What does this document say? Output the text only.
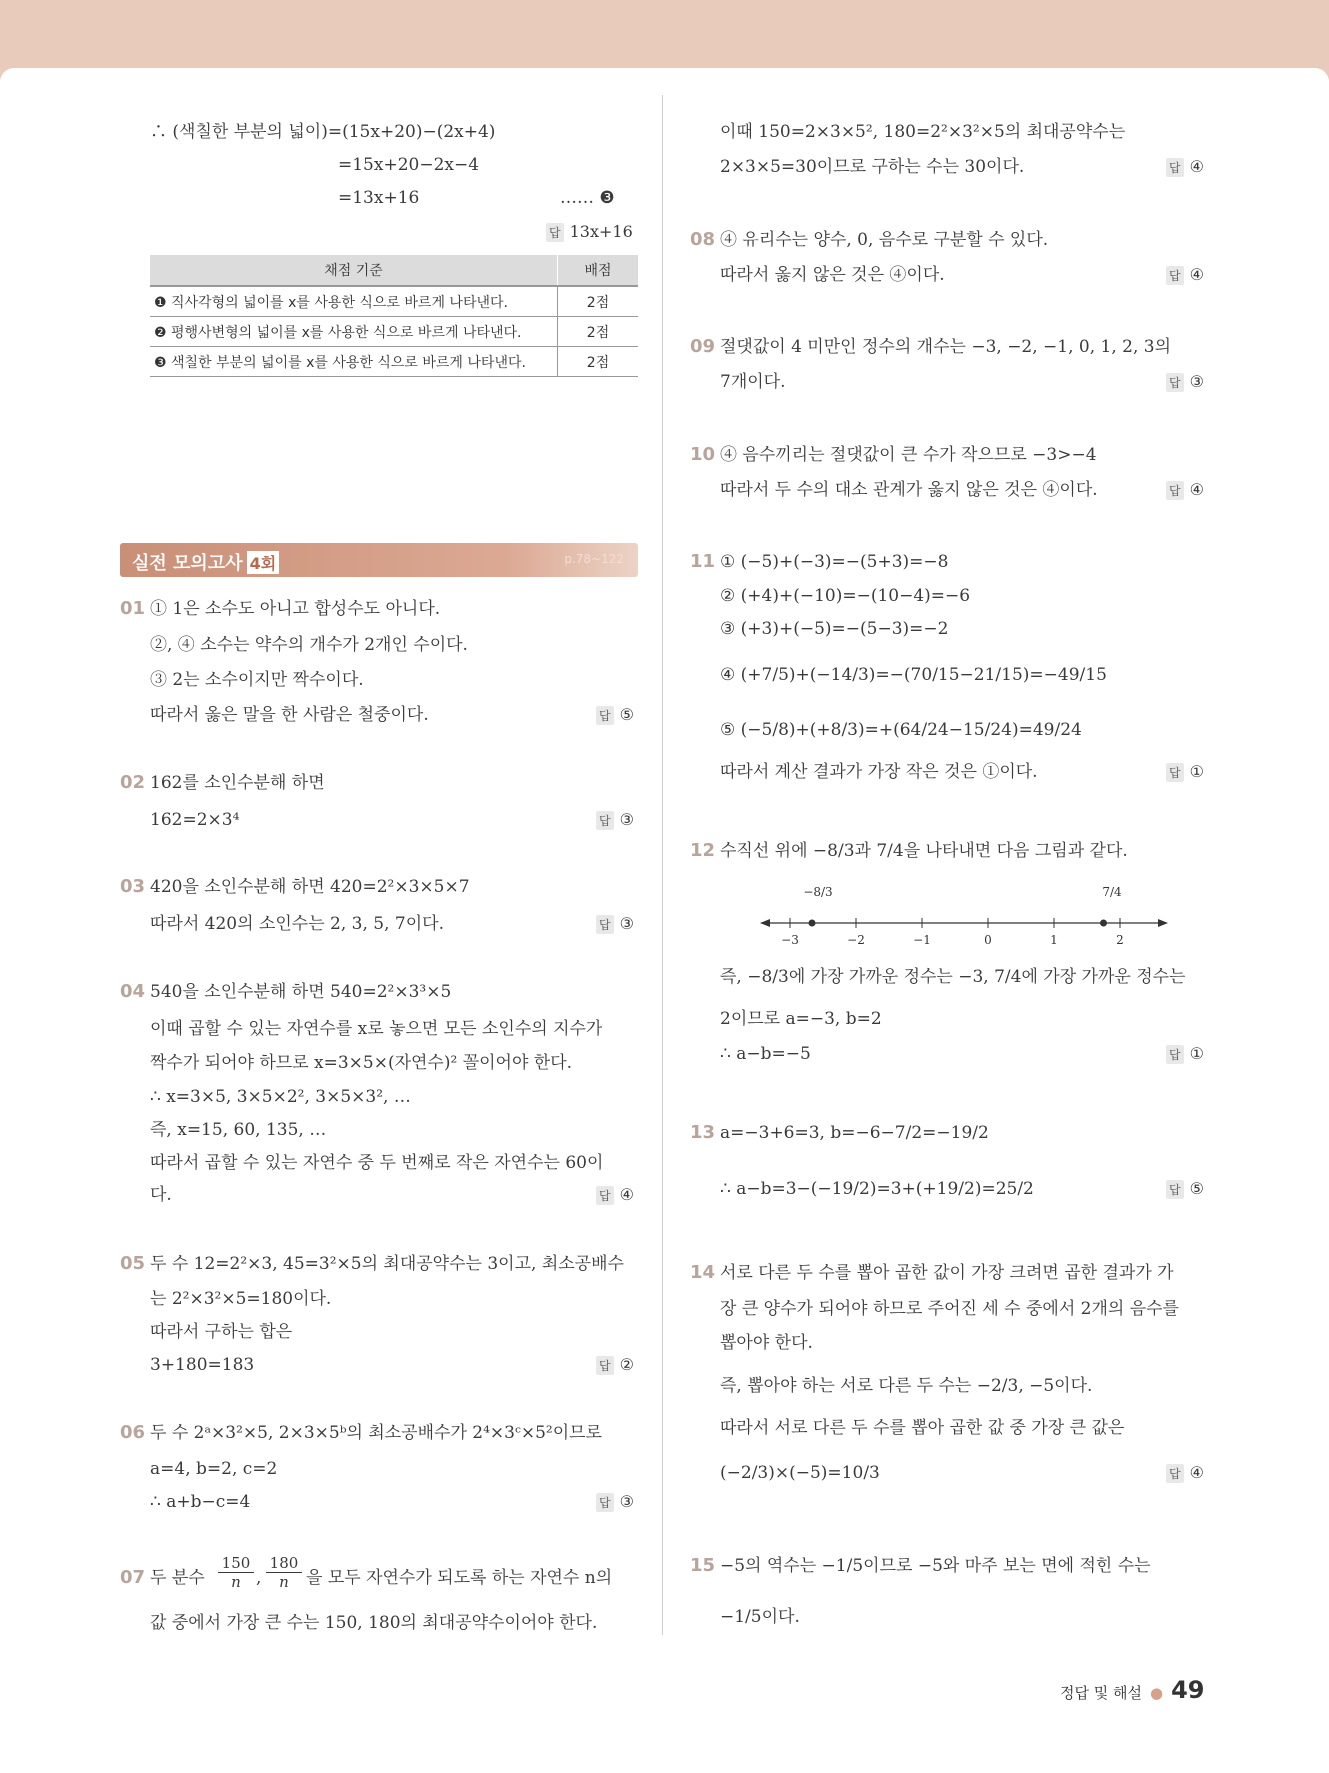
∴ (색칠한 부분의 넓이)=(15x+20)−(2x+4)
=15x+20−2x−4
=13x+16	…… ❸
답 13x+16
채점 기준	배점
❶ 직사각형의 넓이를 x를 사용한 식으로 바르게 나타낸다.	2점
❷ 평행사변형의 넓이를 x를 사용한 식으로 바르게 나타낸다.	2점
❸ 색칠한 부분의 넓이를 x를 사용한 식으로 바르게 나타낸다.	2점
실전 모의고사 4회	p.78~122
01 ① 1은 소수도 아니고 합성수도 아니다.
②, ④ 소수는 약수의 개수가 2개인 수이다.
③ 2는 소수이지만 짝수이다.
따라서 옳은 말을 한 사람은 철중이다.	답 ⑤
02 162를 소인수분해 하면
162=2×3⁴	답 ③
03 420을 소인수분해 하면 420=2²×3×5×7
따라서 420의 소인수는 2, 3, 5, 7이다.	답 ③
04 540을 소인수분해 하면 540=2²×3³×5
이때 곱할 수 있는 자연수를 x로 놓으면 모든 소인수의 지수가
짝수가 되어야 하므로 x=3×5×(자연수)² 꼴이어야 한다.
∴ x=3×5, 3×5×2², 3×5×3², …
즉, x=15, 60, 135, …
따라서 곱할 수 있는 자연수 중 두 번째로 작은 자연수는 60이
다.	답 ④
05 두 수 12=2²×3, 45=3²×5의 최대공약수는 3이고, 최소공배수
는 2²×3²×5=180이다.
따라서 구하는 합은
3+180=183	답 ②
06 두 수 2ᵃ×3²×5, 2×3×5ᵇ의 최소공배수가 2⁴×3ᶜ×5²이므로
a=4, b=2, c=2
∴ a+b−c=4	답 ③
07 두 분수 $\frac{150}{n}$ , $\frac{180}{n}$ 을 모두 자연수가 되도록 하는 자연수 n의
값 중에서 가장 큰 수는 150, 180의 최대공약수이어야 한다.
이때 150=2×3×5², 180=2²×3²×5의 최대공약수는
2×3×5=30이므로 구하는 수는 30이다.	답 ④
08 ④ 유리수는 양수, 0, 음수로 구분할 수 있다.
따라서 옳지 않은 것은 ④이다.	답 ④
09 절댓값이 4 미만인 정수의 개수는 −3, −2, −1, 0, 1, 2, 3의
7개이다.	답 ③
10 ④ 음수끼리는 절댓값이 큰 수가 작으므로 −3>−4
따라서 두 수의 대소 관계가 옳지 않은 것은 ④이다.	답 ④
11 ① (−5)+(−3)=−(5+3)=−8
② (+4)+(−10)=−(10−4)=−6
③ (+3)+(−5)=−(5−3)=−2
④ (+7/5)+(−14/3)=−(70/15−21/15)=−49/15
⑤ (−5/8)+(+8/3)=+(64/24−15/24)=49/24
따라서 계산 결과가 가장 작은 것은 ①이다.	답 ①
12 수직선 위에 −8/3과 7/4을 나타내면 다음 그림과 같다.
−3	−2	−1	0	1	2
−8/3	7/4
즉, −8/3에 가장 가까운 정수는 −3, 7/4에 가장 가까운 정수는
2이므로 a=−3, b=2
∴ a−b=−5	답 ①
13 a=−3+6=3, b=−6−7/2=−19/2
∴ a−b=3−(−19/2)=3+(+19/2)=25/2	답 ⑤
14 서로 다른 두 수를 뽑아 곱한 값이 가장 크려면 곱한 결과가 가
장 큰 양수가 되어야 하므로 주어진 세 수 중에서 2개의 음수를
뽑아야 한다.
즉, 뽑아야 하는 서로 다른 두 수는 −2/3, −5이다.
따라서 서로 다른 두 수를 뽑아 곱한 값 중 가장 큰 값은
(−2/3)×(−5)=10/3	답 ④
15 −5의 역수는 −1/5이므로 −5와 마주 보는 면에 적힌 수는
−1/5이다.
정답 및 해설 ● 49
